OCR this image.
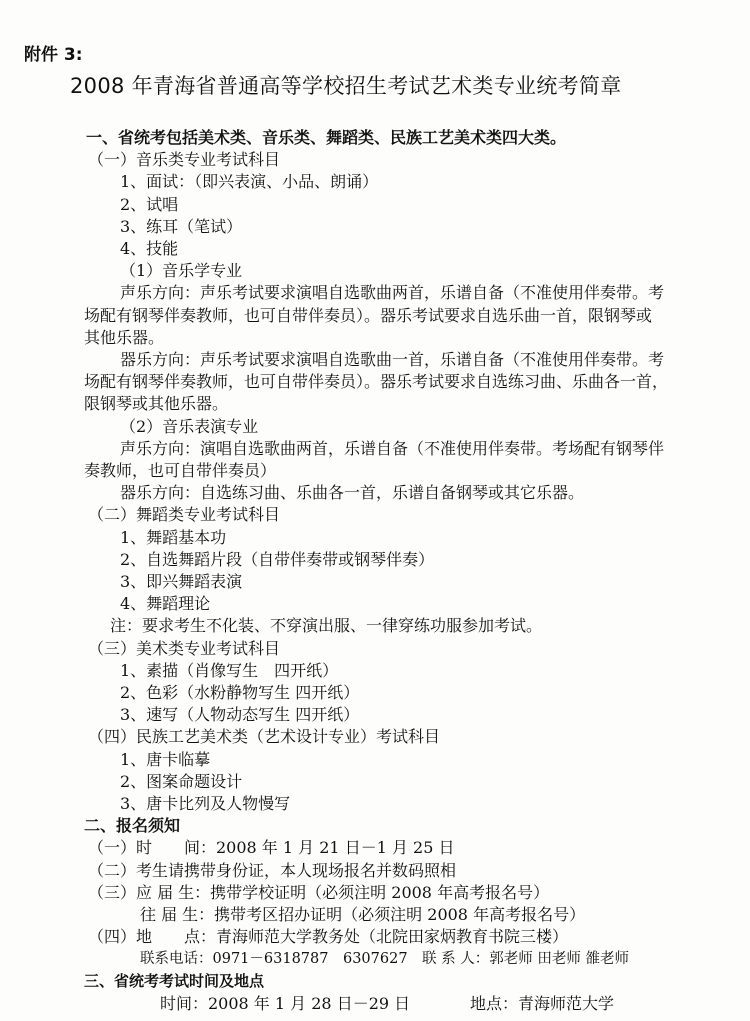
附件 3:
2008 年青海省普通高等学校招生考试艺术类专业统考简章
一、省统考包括美术类、音乐类、舞蹈类、民族工艺美术类四大类。
（一）音乐类专业考试科目
1、面试：（即兴表演、小品、朗诵）
2、试唱
3、练耳（笔试）
4、技能
（1）音乐学专业
声乐方向：声乐考试要求演唱自选歌曲两首，乐谱自备（不准使用伴奏带。考
场配有钢琴伴奏教师，也可自带伴奏员）。器乐考试要求自选乐曲一首，限钢琴或
其他乐器。
器乐方向：声乐考试要求演唱自选歌曲一首，乐谱自备（不准使用伴奏带。考
场配有钢琴伴奏教师，也可自带伴奏员）。器乐考试要求自选练习曲、乐曲各一首，
限钢琴或其他乐器。
（2）音乐表演专业
声乐方向：演唱自选歌曲两首，乐谱自备（不准使用伴奏带。考场配有钢琴伴
奏教师，也可自带伴奏员）
器乐方向：自选练习曲、乐曲各一首，乐谱自备钢琴或其它乐器。
（二）舞蹈类专业考试科目
1、舞蹈基本功
2、自选舞蹈片段（自带伴奏带或钢琴伴奏）
3、即兴舞蹈表演
4、舞蹈理论
注：要求考生不化装、不穿演出服、一律穿练功服参加考试。
（三）美术类专业考试科目
1、素描（肖像写生　四开纸）
2、色彩（水粉静物写生 四开纸）
3、速写（人物动态写生 四开纸）
（四）民族工艺美术类（艺术设计专业）考试科目
1、唐卡临摹
2、图案命题设计
3、唐卡比列及人物慢写
二、报名须知
（一）时　　间：2008 年 1 月 21 日－1 月 25 日
（二）考生请携带身份证，本人现场报名并数码照相
（三）应 届 生：携带学校证明（必须注明 2008 年高考报名号）
往 届 生：携带考区招办证明（必须注明 2008 年高考报名号）
（四）地　　点：青海师范大学教务处（北院田家炳教育书院三楼）
联系电话：0971－6318787　6307627　联 系 人：郭老师 田老师 雒老师
三、省统考考试时间及地点
时间：2008 年 1 月 28 日－29 日	地点：青海师范大学
